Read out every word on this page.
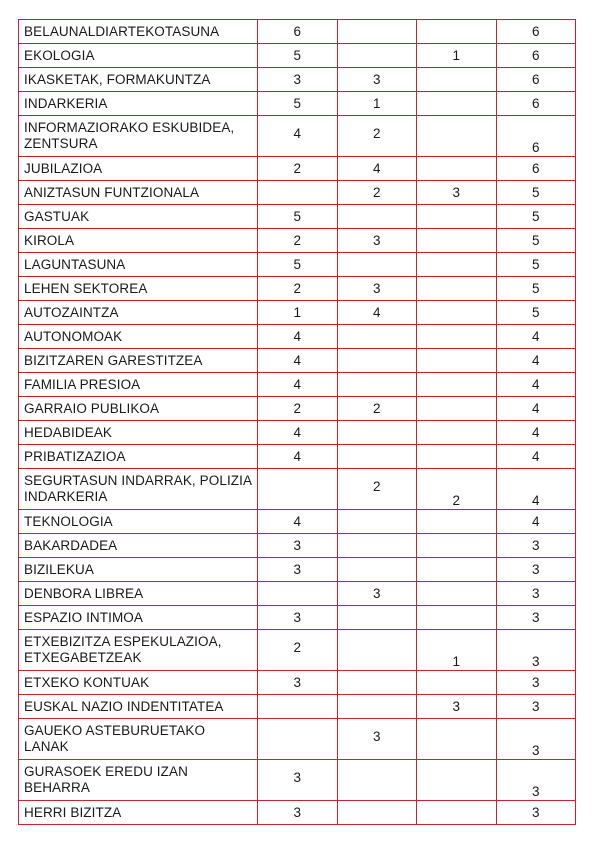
BELAUNALDIARTEKOTASUNA	6			6
EKOLOGIA	5		1	6
IKASKETAK, FORMAKUNTZA	3	3		6
INDARKERIA	5	1		6
INFORMAZIORAKO ESKUBIDEA, ZENTSURA	4	2		6
JUBILAZIOA	2	4		6
ANIZTASUN FUNTZIONALA		2	3	5
GASTUAK	5			5
KIROLA	2	3		5
LAGUNTASUNA	5			5
LEHEN SEKTOREA	2	3		5
AUTOZAINTZA	1	4		5
AUTONOMOAK	4			4
BIZITZAREN GARESTITZEA	4			4
FAMILIA PRESIOA	4			4
GARRAIO PUBLIKOA	2	2		4
HEDABIDEAK	4			4
PRIBATIZAZIOA	4			4
SEGURTASUN INDARRAK, POLIZIA INDARKERIA		2	2	4
TEKNOLOGIA	4			4
BAKARDADEA	3			3
BIZILEKUA	3			3
DENBORA LIBREA		3		3
ESPAZIO INTIMOA	3			3
ETXEBIZITZA ESPEKULAZIOA, ETXEGABETZEAK	2		1	3
ETXEKO KONTUAK	3			3
EUSKAL NAZIO INDENTITATEA			3	3
GAUEKO ASTEBURUETAKO LANAK		3		3
GURASOEK EREDU IZAN BEHARRA	3			3
HERRI BIZITZA	3			3
